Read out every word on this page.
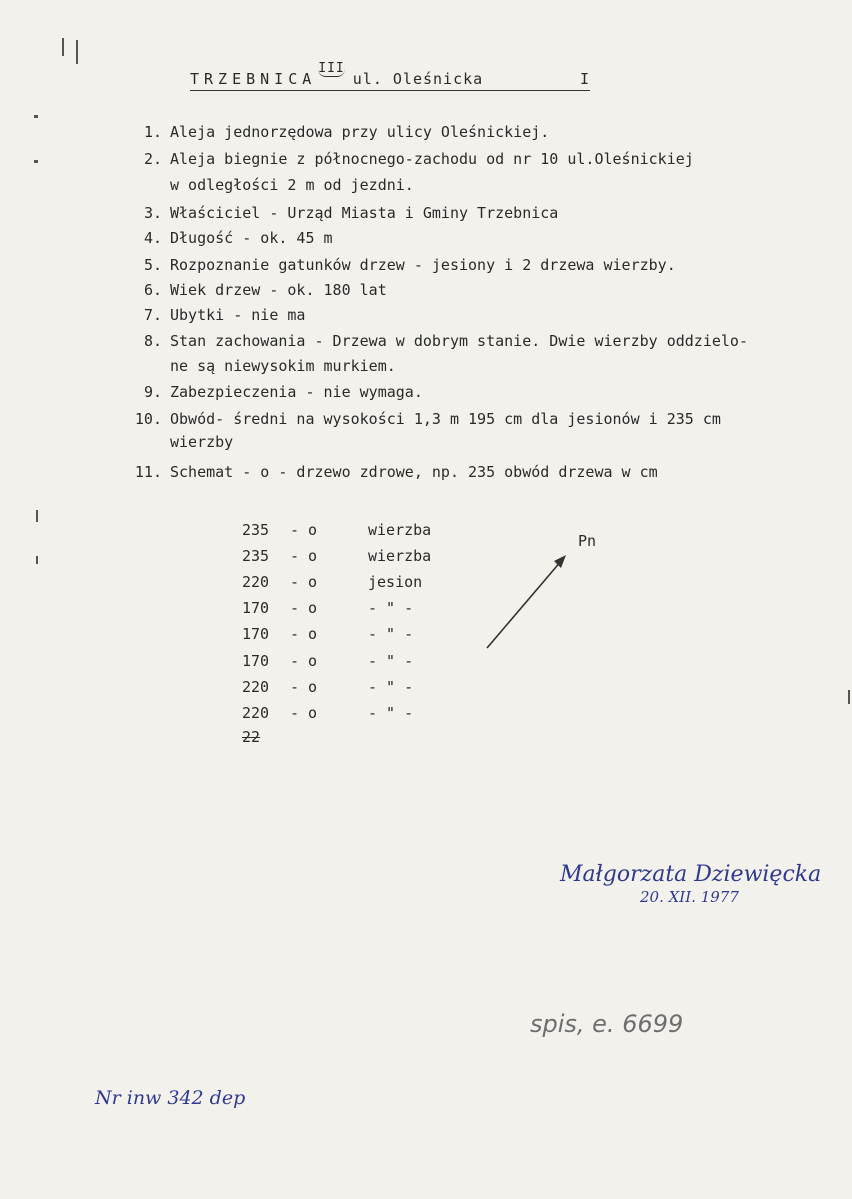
TRZEBNICAIIIul. Oleśnicka	I
1. Aleja jednorzędowa przy ulicy Oleśnickiej.
2. Aleja biegnie z północnego-zachodu od nr 10 ul.Oleśnickiej
w odległości 2 m od jezdni.
3. Właściciel - Urząd Miasta i Gminy Trzebnica
4. Długość - ok. 45 m
5. Rozpoznanie gatunków drzew - jesiony i 2 drzewa wierzby.
6. Wiek drzew - ok. 180 lat
7. Ubytki - nie ma
8. Stan zachowania - Drzewa w dobrym stanie. Dwie wierzby oddzielo-
ne są niewysokim murkiem.
9. Zabezpieczenia - nie wymaga.
10. Obwód- średni na wysokości 1,3 m 195 cm dla jesionów i 235 cm
wierzby
11. Schemat - o - drzewo zdrowe, np. 235 obwód drzewa w cm
235 - o	wierzba
235 - o	wierzba
220 - o	jesion
170 - o	- " -
170 - o	- " -
170 - o	- " -
220 - o	- " -
220 - o	- " -
22
Pn
Małgorzata Dziewięcka
20. XII. 1977
spis, e. 6699
Nr inw 342 dep
